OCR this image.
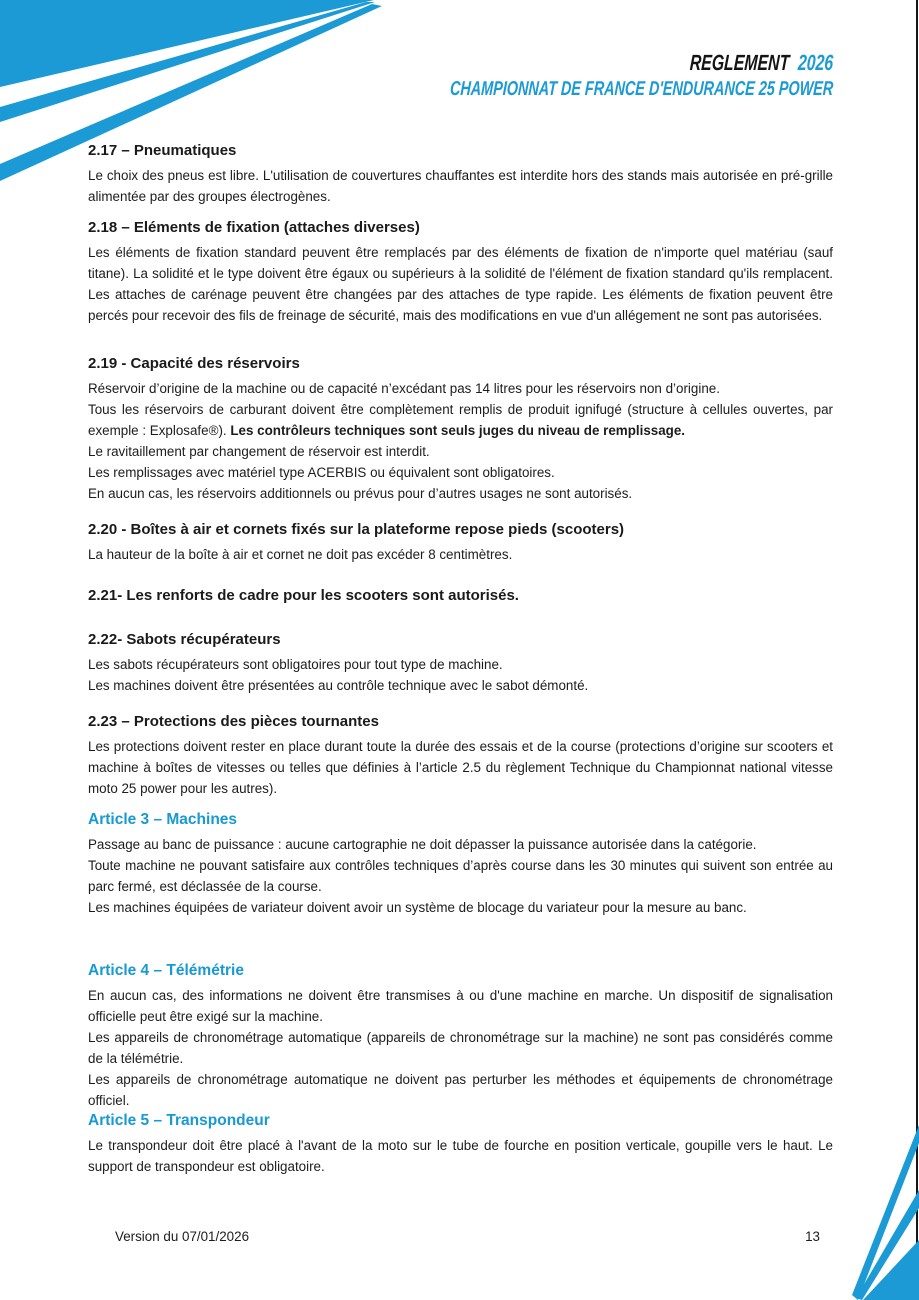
REGLEMENT 2026
CHAMPIONNAT DE FRANCE D'ENDURANCE 25 POWER
2.17 – Pneumatiques

Le choix des pneus est libre. L'utilisation de couvertures chauffantes est interdite hors des stands mais autorisée en pré-grille alimentée par des groupes électrogènes.

2.18 – Eléments de fixation (attaches diverses)

Les éléments de fixation standard peuvent être remplacés par des éléments de fixation de n'importe quel matériau (sauf titane). La solidité et le type doivent être égaux ou supérieurs à la solidité de l'élément de fixation standard qu'ils remplacent. Les attaches de carénage peuvent être changées par des attaches de type rapide. Les éléments de fixation peuvent être percés pour recevoir des fils de freinage de sécurité, mais des modifications en vue d'un allégement ne sont pas autorisées.

2.19 - Capacité des réservoirs

Réservoir d’origine de la machine ou de capacité n’excédant pas 14 litres pour les réservoirs non d’origine.

Tous les réservoirs de carburant doivent être complètement remplis de produit ignifugé (structure à cellules ouvertes, par exemple : Explosafe®). Les contrôleurs techniques sont seuls juges du niveau de remplissage.

Le ravitaillement par changement de réservoir est interdit.

Les remplissages avec matériel type ACERBIS ou équivalent sont obligatoires.

En aucun cas, les réservoirs additionnels ou prévus pour d’autres usages ne sont autorisés.

2.20 - Boîtes à air et cornets fixés sur la plateforme repose pieds (scooters)

La hauteur de la boîte à air et cornet ne doit pas excéder 8 centimètres.

2.21- Les renforts de cadre pour les scooters sont autorisés.
2.22- Sabots récupérateurs

Les sabots récupérateurs sont obligatoires pour tout type de machine.

Les machines doivent être présentées au contrôle technique avec le sabot démonté.

2.23 – Protections des pièces tournantes

Les protections doivent rester en place durant toute la durée des essais et de la course (protections d’origine sur scooters et machine à boîtes de vitesses ou telles que définies à l’article 2.5 du règlement Technique du Championnat national vitesse moto 25 power pour les autres).

Article 3 – Machines

Passage au banc de puissance : aucune cartographie ne doit dépasser la puissance autorisée dans la catégorie.

Toute machine ne pouvant satisfaire aux contrôles techniques d’après course dans les 30 minutes qui suivent son entrée au parc fermé, est déclassée de la course.

Les machines équipées de variateur doivent avoir un système de blocage du variateur pour la mesure au banc.

Article 4 – Télémétrie

En aucun cas, des informations ne doivent être transmises à ou d'une machine en marche. Un dispositif de signalisation officielle peut être exigé sur la machine.

Les appareils de chronométrage automatique (appareils de chronométrage sur la machine) ne sont pas considérés comme de la télémétrie.

Les appareils de chronométrage automatique ne doivent pas perturber les méthodes et équipements de chronométrage officiel.

Article 5 – Transpondeur

Le transpondeur doit être placé à l'avant de la moto sur le tube de fourche en position verticale, goupille vers le haut. Le support de transpondeur est obligatoire.

Version du 07/01/2026	13
